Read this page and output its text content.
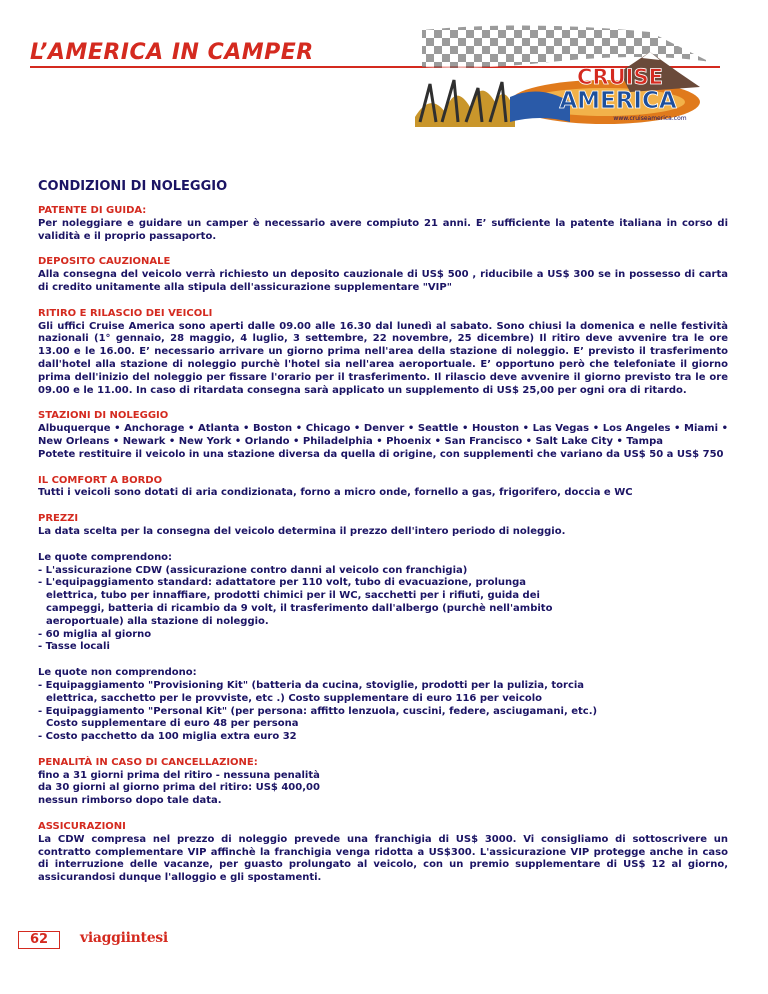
L’AMERICA IN CAMPER
CRUISE
AMERICA
www.cruiseamerica.com
CONDIZIONI DI NOLEGGIO
PATENTE DI GUIDA:

Per noleggiare e guidare un camper è necessario avere compiuto 21 anni. E’ sufficiente la patente italiana in corso di validità e il proprio passaporto.

DEPOSITO CAUZIONALE

Alla consegna del veicolo verrà richiesto un deposito cauzionale di US$ 500 , riducibile a US$ 300 se in possesso di carta di credito unitamente alla stipula dell'assicurazione supplementare "VIP"

RITIRO E RILASCIO DEI VEICOLI

Gli uffici Cruise America sono aperti dalle 09.00 alle 16.30 dal lunedì al sabato. Sono chiusi la domenica e nelle festività nazionali (1° gennaio, 28 maggio, 4 luglio, 3 settembre, 22 novembre, 25 dicembre) Il ritiro deve avvenire tra le ore 13.00 e le 16.00. E’ necessario arrivare un giorno prima nell'area della stazione di noleggio. E’ previsto il trasferimento dall'hotel alla stazione di noleggio purchè l'hotel sia nell'area aeroportuale. E’ opportuno però che telefoniate il giorno prima dell'inizio del noleggio per fissare l'orario per il trasferimento. Il rilascio deve avvenire il giorno previsto tra le ore 09.00 e le 11.00. In caso di ritardata consegna sarà applicato un supplemento di US$ 25,00 per ogni ora di ritardo.

STAZIONI DI NOLEGGIO

Albuquerque • Anchorage • Atlanta • Boston • Chicago • Denver • Seattle • Houston • Las Vegas • Los Angeles • Miami • New Orleans • Newark • New York • Orlando • Philadelphia • Phoenix • San Francisco • Salt Lake City • Tampa

Potete restituire il veicolo in una stazione diversa da quella di origine, con supplementi che variano da US$ 50 a US$ 750

IL COMFORT A BORDO

Tutti i veicoli sono dotati di aria condizionata, forno a micro onde, fornello a gas, frigorifero, doccia e WC

PREZZI

La data scelta per la consegna del veicolo determina il prezzo dell'intero periodo di noleggio.

Le quote comprendono:
- L'assicurazione CDW (assicurazione contro danni al veicolo con franchigia)
- L'equipaggiamento standard: adattatore per 110 volt, tubo di evacuazione, prolunga elettrica, tubo per innaffiare, prodotti chimici per il WC, sacchetti per i rifiuti, guida dei campeggi, batteria di ricambio da 9 volt, il trasferimento dall'albergo (purchè nell'ambito aeroportuale) alla stazione di noleggio.
- 60 miglia al giorno
- Tasse locali
Le quote non comprendono:
- Equipaggiamento "Provisioning Kit" (batteria da cucina, stoviglie, prodotti per la pulizia, torcia elettrica, sacchetto per le provviste, etc .) Costo supplementare di euro 116 per veicolo
- Equipaggiamento "Personal Kit" (per persona: affitto lenzuola, cuscini, federe, asciugamani, etc.) Costo supplementare di euro 48 per persona
- Costo pacchetto da 100 miglia extra euro 32
PENALITÀ IN CASO DI CANCELLAZIONE:
fino a 31 giorni prima del ritiro - nessuna penalità
da 30 giorni al giorno prima del ritiro: US$ 400,00
nessun rimborso dopo tale data.
ASSICURAZIONI

La CDW compresa nel prezzo di noleggio prevede una franchigia di US$ 3000. Vi consigliamo di sottoscrivere un contratto complementare VIP affinchè la franchigia venga ridotta a US$300. L'assicurazione VIP protegge anche in caso di interruzione delle vacanze, per guasto prolungato al veicolo, con un premio supplementare di US$ 12 al giorno, assicurandosi dunque l'alloggio e gli spostamenti.

62	viaggiintesi
